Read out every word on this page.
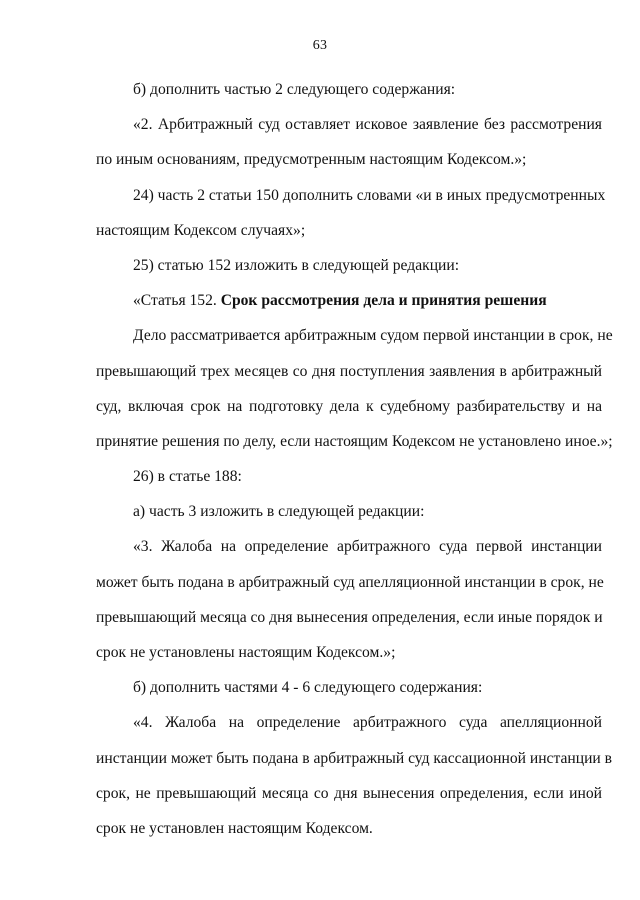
63
б) дополнить частью 2 следующего содержания:
«2. Арбитражный суд оставляет исковое заявление без рассмотрения
по иным основаниям, предусмотренным настоящим Кодексом.»;
24) часть 2 статьи 150 дополнить словами «и в иных предусмотренных
настоящим Кодексом случаях»;
25) статью 152 изложить в следующей редакции:
«Статья 152. Срок рассмотрения дела и принятия решения
Дело рассматривается арбитражным судом первой инстанции в срок, не
превышающий трех месяцев со дня поступления заявления в арбитражный
суд, включая срок на подготовку дела к судебному разбирательству и на
принятие решения по делу, если настоящим Кодексом не установлено иное.»;
26) в статье 188:
а) часть 3 изложить в следующей редакции:
«3. Жалоба на определение арбитражного суда первой инстанции
может быть подана в арбитражный суд апелляционной инстанции в срок, не
превышающий месяца со дня вынесения определения, если иные порядок и
срок не установлены настоящим Кодексом.»;
б) дополнить частями 4 - 6 следующего содержания:
«4. Жалоба на определение арбитражного суда апелляционной
инстанции может быть подана в арбитражный суд кассационной инстанции в
срок, не превышающий месяца со дня вынесения определения, если иной
срок не установлен настоящим Кодексом.
